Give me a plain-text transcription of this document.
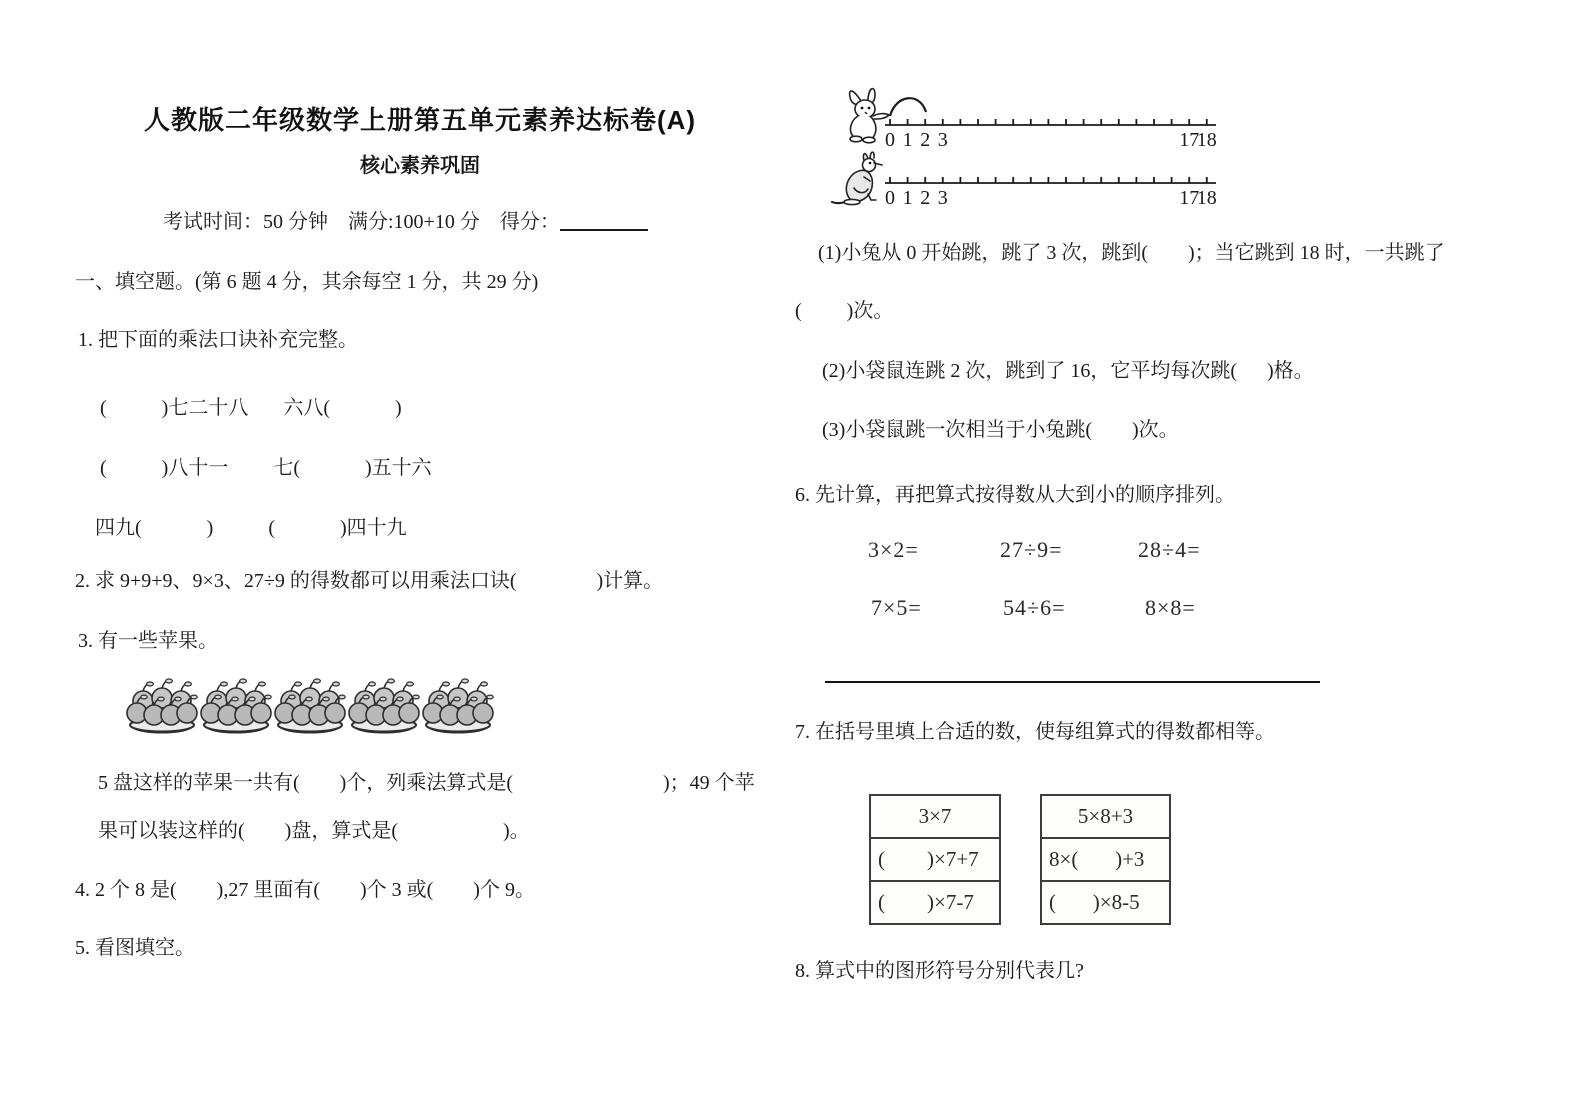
人教版二年级数学上册第五单元素养达标卷(A)
核心素养巩固
考试时间：50 分钟    满分:100+10 分    得分：
一、填空题。(第 6 题 4 分，其余每空 1 分，共 29 分)
1. 把下面的乘法口诀补充完整。
(           )七二十八       六八(             )
(           )八十一         七(             )五十六
四九(             )           (             )四十九
2. 求 9+9+9、9×3、27÷9 的得数都可以用乘法口诀(                )计算。
3. 有一些苹果。
5 盘这样的苹果一共有(        )个，列乘法算式是(                              )；49 个苹
果可以装这样的(        )盘，算式是(                     )。
4. 2 个 8 是(        ),27 里面有(        )个 3 或(        )个 9。
5. 看图填空。
0 1 2 3	17
18
0 1 2 3	17
18
(1)小兔从 0 开始跳，跳了 3 次，跳到(        )；当它跳到 18 时，一共跳了
(         )次。
(2)小袋鼠连跳 2 次，跳到了 16，它平均每次跳(      )格。
(3)小袋鼠跳一次相当于小兔跳(        )次。
6. 先计算，再把算式按得数从大到小的顺序排列。
3×2=	27÷9=	28÷4=
7×5=	54÷6=	8×8=
7. 在括号里填上合适的数，使每组算式的得数都相等。
3×7
(        )×7+7
(        )×7-7
5×8+3
8×(       )+3
(       )×8-5
8. 算式中的图形符号分别代表几?
